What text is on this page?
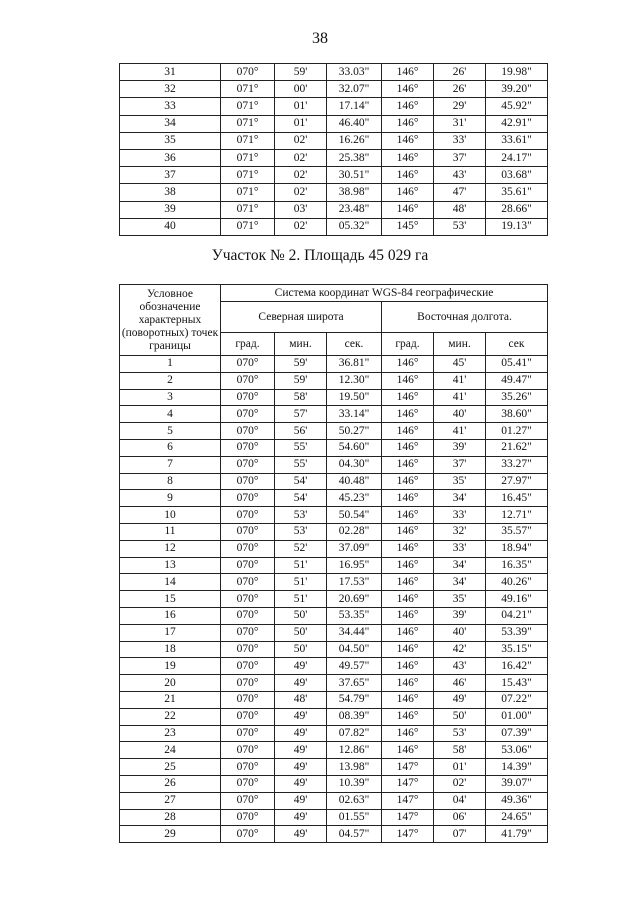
38
31	070°	59'	33.03"	146°	26'	19.98"
32	071°	00'	32.07"	146°	26'	39.20"
33	071°	01'	17.14"	146°	29'	45.92"
34	071°	01'	46.40"	146°	31'	42.91"
35	071°	02'	16.26"	146°	33'	33.61"
36	071°	02'	25.38"	146°	37'	24.17"
37	071°	02'	30.51"	146°	43'	03.68"
38	071°	02'	38.98"	146°	47'	35.61"
39	071°	03'	23.48"	146°	48'	28.66"
40	071°	02'	05.32"	145°	53'	19.13"
Участок № 2. Площадь 45 029 га
Условное обозначение характерных (поворотных) точек границы	Система координат WGS-84 географические					
	Северная широта			Восточная долгота.		
	град.	мин.	сек.	град.	мин.	сек
1	070°	59'	36.81"	146°	45'	05.41"
2	070°	59'	12.30"	146°	41'	49.47"
3	070°	58'	19.50"	146°	41'	35.26"
4	070°	57'	33.14"	146°	40'	38.60"
5	070°	56'	50.27"	146°	41'	01.27"
6	070°	55'	54.60"	146°	39'	21.62"
7	070°	55'	04.30"	146°	37'	33.27"
8	070°	54'	40.48"	146°	35'	27.97"
9	070°	54'	45.23"	146°	34'	16.45"
10	070°	53'	50.54"	146°	33'	12.71"
11	070°	53'	02.28"	146°	32'	35.57"
12	070°	52'	37.09"	146°	33'	18.94"
13	070°	51'	16.95"	146°	34'	16.35"
14	070°	51'	17.53"	146°	34'	40.26"
15	070°	51'	20.69"	146°	35'	49.16"
16	070°	50'	53.35"	146°	39'	04.21"
17	070°	50'	34.44"	146°	40'	53.39"
18	070°	50'	04.50"	146°	42'	35.15"
19	070°	49'	49.57"	146°	43'	16.42"
20	070°	49'	37.65"	146°	46'	15.43"
21	070°	48'	54.79"	146°	49'	07.22"
22	070°	49'	08.39"	146°	50'	01.00"
23	070°	49'	07.82"	146°	53'	07.39"
24	070°	49'	12.86"	146°	58'	53.06"
25	070°	49'	13.98"	147°	01'	14.39"
26	070°	49'	10.39"	147°	02'	39.07"
27	070°	49'	02.63"	147°	04'	49.36"
28	070°	49'	01.55"	147°	06'	24.65"
29	070°	49'	04.57"	147°	07'	41.79"
